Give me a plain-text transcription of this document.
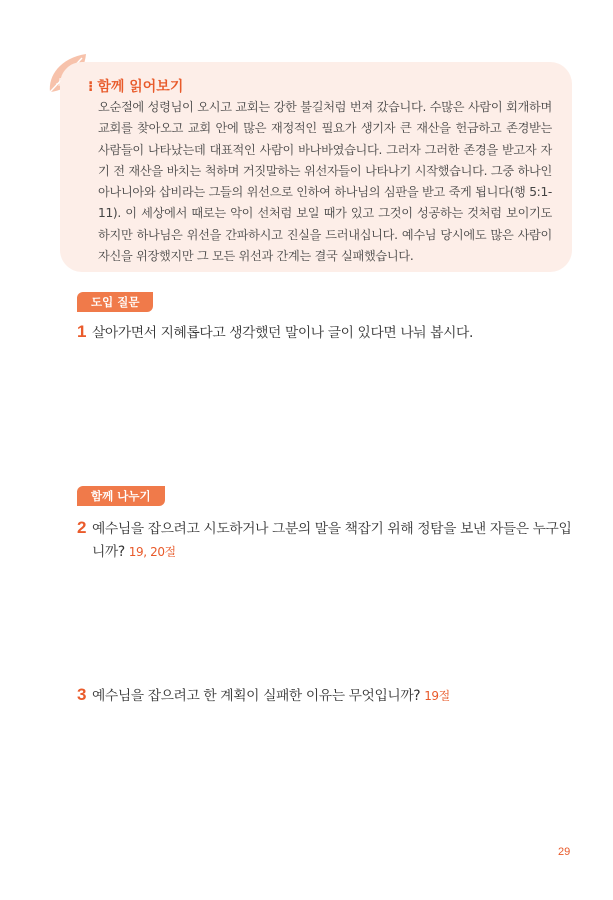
⁝ 함께 읽어보기
오순절에 성령님이 오시고 교회는 강한 불길처럼 번져 갔습니다. 수많은 사람이 회개하며 교회를 찾아오고 교회 안에 많은 재정적인 필요가 생기자 큰 재산을 헌금하고 존경받는 사람들이 나타났는데 대표적인 사람이 바나바였습니다. 그러자 그러한 존경을 받고자 자기 전 재산을 바치는 척하며 거짓말하는 위선자들이 나타나기 시작했습니다. 그중 하나인 아나니아와 삽비라는 그들의 위선으로 인하여 하나님의 심판을 받고 죽게 됩니다(행 5:1-11). 이 세상에서 때로는 악이 선처럼 보일 때가 있고 그것이 성공하는 것처럼 보이기도 하지만 하나님은 위선을 간파하시고 진실을 드러내십니다. 예수님 당시에도 많은 사람이 자신을 위장했지만 그 모든 위선과 간계는 결국 실패했습니다.
도입 질문
1 살아가면서 지혜롭다고 생각했던 말이나 글이 있다면 나눠 봅시다.
함께 나누기
2 예수님을 잡으려고 시도하거나 그분의 말을 책잡기 위해 정탐을 보낸 자들은 누구입니까? 19, 20절
3 예수님을 잡으려고 한 계획이 실패한 이유는 무엇입니까? 19절
29
